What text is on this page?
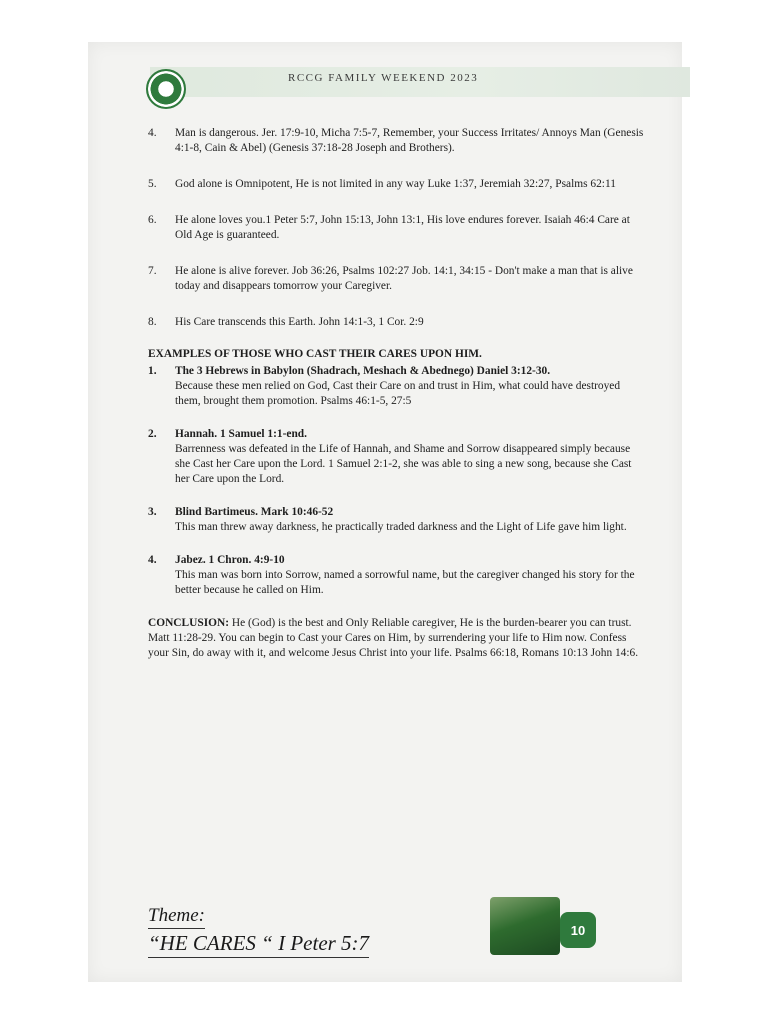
RCCG FAMILY WEEKEND 2023
4.	Man is dangerous. Jer. 17:9-10, Micha 7:5-7, Remember, your Success Irritates/ Annoys Man (Genesis 4:1-8, Cain & Abel) (Genesis 37:18-28 Joseph and Brothers).
5.	God alone is Omnipotent, He is not limited in any way Luke 1:37, Jeremiah 32:27, Psalms 62:11
6.	He alone loves you.1 Peter 5:7, John 15:13, John 13:1, His love endures forever. Isaiah 46:4 Care at Old Age is guaranteed.
7.	He alone is alive forever. Job 36:26, Psalms 102:27 Job. 14:1, 34:15 - Don't make a man that is alive today and disappears tomorrow your Caregiver.
8.	His Care transcends this Earth. John 14:1-3, 1 Cor. 2:9
EXAMPLES OF THOSE WHO CAST THEIR CARES UPON HIM.
1.	The 3 Hebrews in Babylon (Shadrach, Meshach & Abednego) Daniel 3:12-30.
Because these men relied on God, Cast their Care on and trust in Him, what could have destroyed them, brought them promotion. Psalms 46:1-5, 27:5
2.	Hannah. 1 Samuel 1:1-end.
Barrenness was defeated in the Life of Hannah, and Shame and Sorrow disappeared simply because she Cast her Care upon the Lord. 1 Samuel 2:1-2, she was able to sing a new song, because she Cast her Care upon the Lord.
3.	Blind Bartimeus. Mark 10:46-52
This man threw away darkness, he practically traded darkness and the Light of Life gave him light.
4.	Jabez. 1 Chron. 4:9-10
This man was born into Sorrow, named a sorrowful name, but the caregiver changed his story for the better because he called on Him.
CONCLUSION: He (God) is the best and Only Reliable caregiver, He is the burden-bearer you can trust. Matt 11:28-29. You can begin to Cast your Cares on Him, by surrendering your life to Him now. Confess your Sin, do away with it, and welcome Jesus Christ into your life. Psalms 66:18, Romans 10:13 John 14:6.
Theme:
“HE CARES “ I Peter 5:7
10
